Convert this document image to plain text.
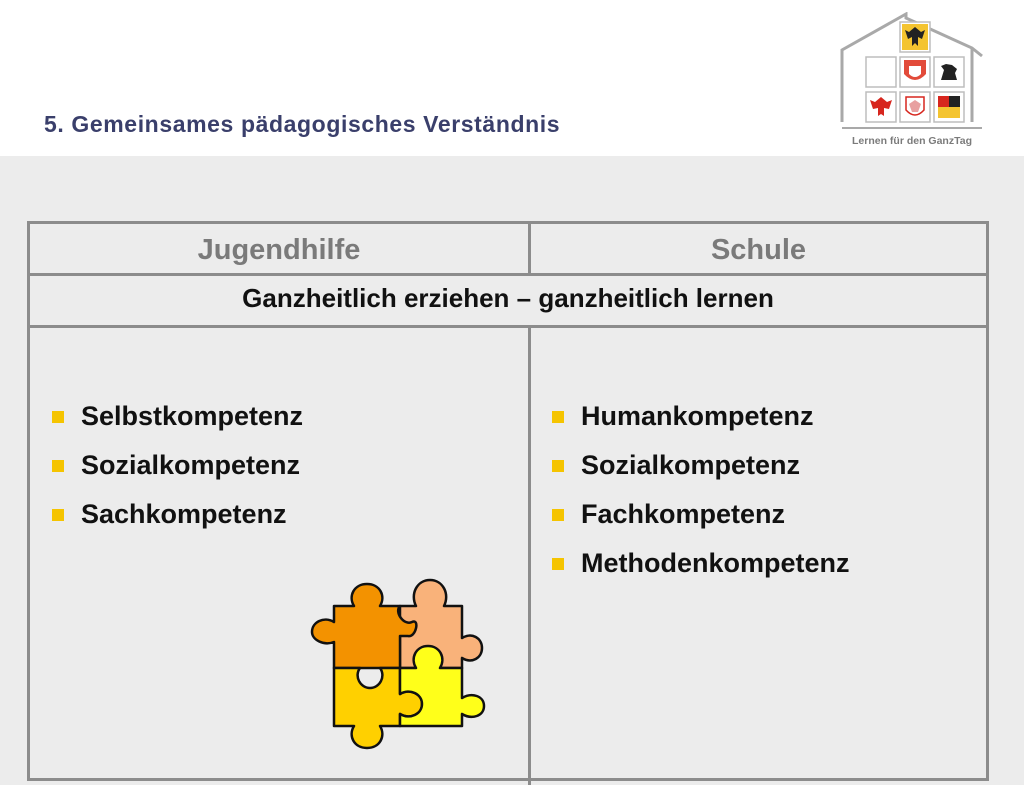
5. Gemeinsames pädagogisches Verständnis
Lernen für den GanzTag
Jugendhilfe	Schule
Ganzheitlich erziehen – ganzheitlich lernen
Selbstkompetenz
Sozialkompetenz
Sachkompetenz
Humankompetenz
Sozialkompetenz
Fachkompetenz
Methodenkompetenz
